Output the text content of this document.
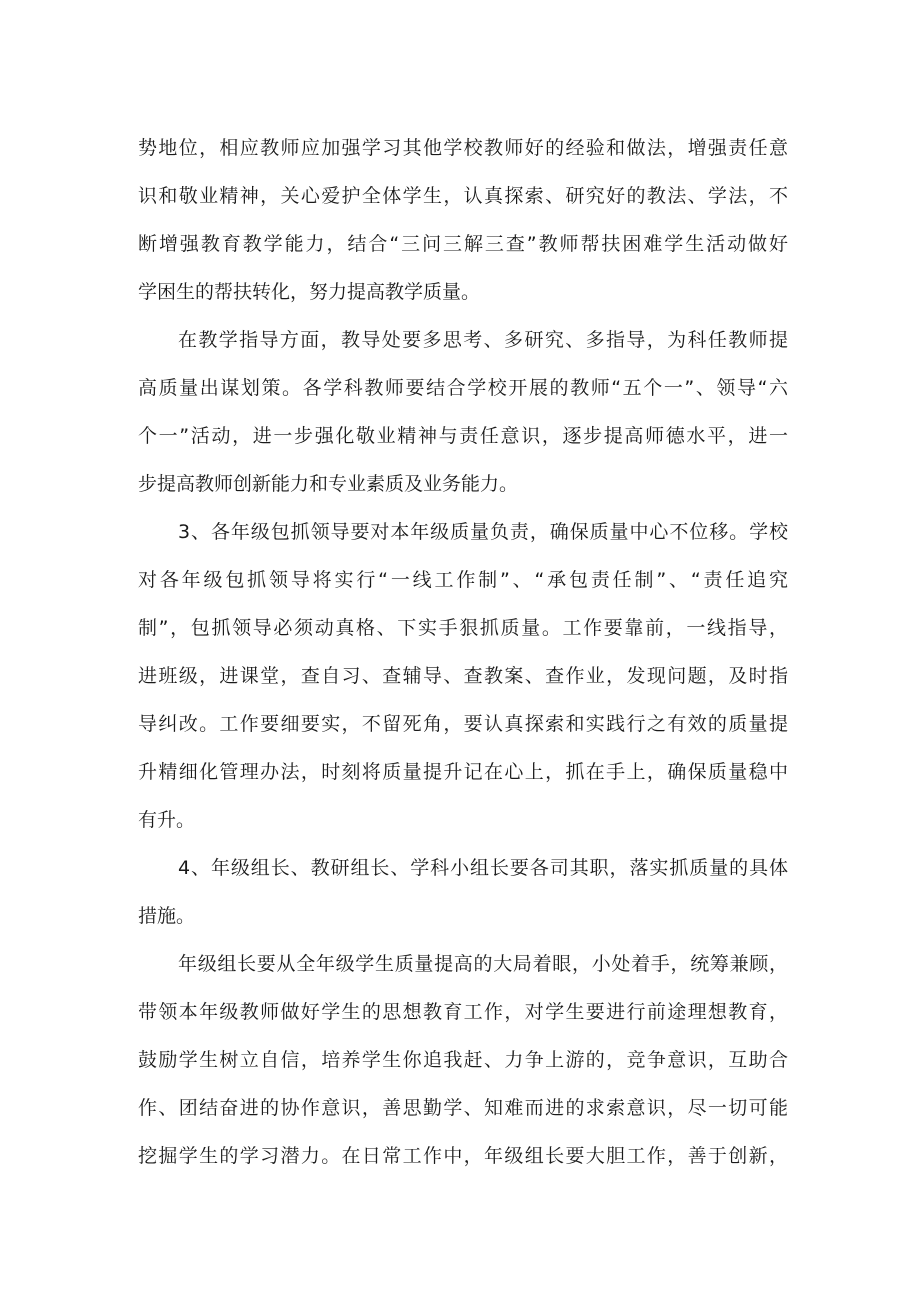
势地位，相应教师应加强学习其他学校教师好的经验和做法，增强责任意
识和敬业精神，关心爱护全体学生，认真探索、研究好的教法、学法，不
断增强教育教学能力，结合“三问三解三查”教师帮扶困难学生活动做好
学困生的帮扶转化，努力提高教学质量。
在教学指导方面，教导处要多思考、多研究、多指导，为科任教师提
高质量出谋划策。各学科教师要结合学校开展的教师“五个一”、领导“六
个一”活动，进一步强化敬业精神与责任意识，逐步提高师德水平，进一
步提高教师创新能力和专业素质及业务能力。
3、各年级包抓领导要对本年级质量负责，确保质量中心不位移。学校
对各年级包抓领导将实行“一线工作制”、“承包责任制”、“责任追究
制”，包抓领导必须动真格、下实手狠抓质量。工作要靠前，一线指导，
进班级，进课堂，查自习、查辅导、查教案、查作业，发现问题，及时指
导纠改。工作要细要实，不留死角，要认真探索和实践行之有效的质量提
升精细化管理办法，时刻将质量提升记在心上，抓在手上，确保质量稳中
有升。
4、年级组长、教研组长、学科小组长要各司其职，落实抓质量的具体
措施。
年级组长要从全年级学生质量提高的大局着眼，小处着手，统筹兼顾，
带领本年级教师做好学生的思想教育工作，对学生要进行前途理想教育，
鼓励学生树立自信，培养学生你追我赶、力争上游的，竞争意识，互助合
作、团结奋进的协作意识，善思勤学、知难而进的求索意识，尽一切可能
挖掘学生的学习潜力。在日常工作中，年级组长要大胆工作，善于创新，
